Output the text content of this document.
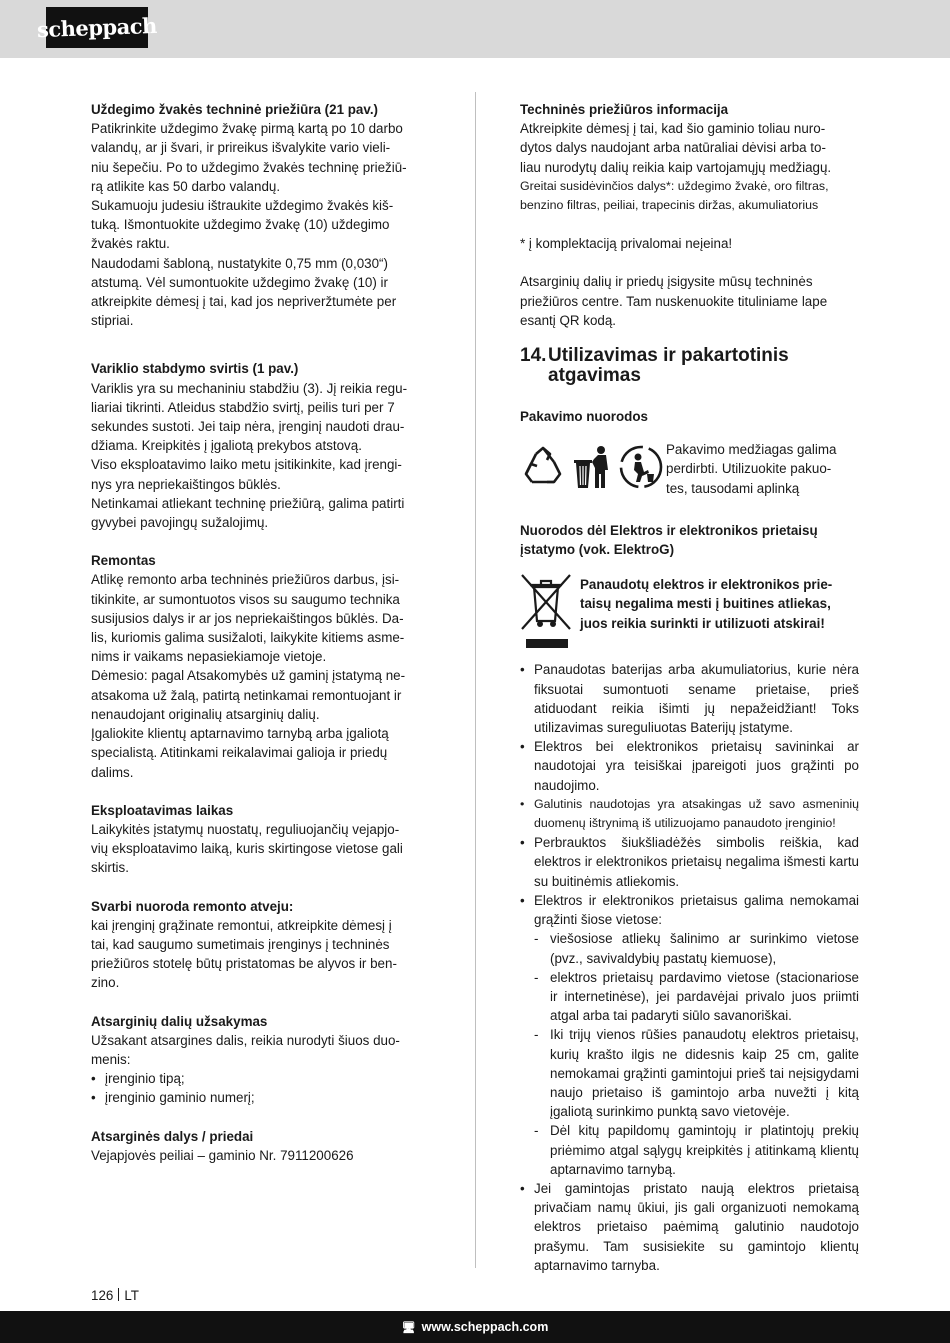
scheppach

Uždegimo žvakės techninė priežiūra (21 pav.)

Patikrinkite uždegimo žvakę pirmą kartą po 10 darbo

valandų, ar ji švari, ir prireikus išvalykite vario vieli-

niu šepečiu. Po to uždegimo žvakės techninę priežiū-

rą atlikite kas 50 darbo valandų.

Sukamuoju judesiu ištraukite uždegimo žvakės kiš-

tuką. Išmontuokite uždegimo žvakę (10) uždegimo

žvakės raktu.

Naudodami šabloną, nustatykite 0,75 mm (0,030“)

atstumą. Vėl sumontuokite uždegimo žvakę (10) ir

atkreipkite dėmesį į tai, kad jos nepriveržtumėte per

stipriai.

Variklio stabdymo svirtis (1 pav.)

Variklis yra su mechaniniu stabdžiu (3). Jį reikia regu-

liariai tikrinti. Atleidus stabdžio svirtį, peilis turi per 7

sekundes sustoti. Jei taip nėra, įrenginį naudoti drau-

džiama. Kreipkitės į įgaliotą prekybos atstovą.

Viso eksploatavimo laiko metu įsitikinkite, kad įrengi-

nys yra nepriekaištingos būklės.

Netinkamai atliekant techninę priežiūrą, galima patirti

gyvybei pavojingų sužalojimų.

Remontas

Atlikę remonto arba techninės priežiūros darbus, įsi-

tikinkite, ar sumontuotos visos su saugumo technika

susijusios dalys ir ar jos nepriekaištingos būklės. Da-

lis, kuriomis galima susižaloti, laikykite kitiems asme-

nims ir vaikams nepasiekiamoje vietoje.

Dėmesio: pagal Atsakomybės už gaminį įstatymą ne-

atsakoma už žalą, patirtą netinkamai remontuojant ir

nenaudojant originalių atsarginių dalių.

Įgaliokite klientų aptarnavimo tarnybą arba įgaliotą

specialistą. Atitinkami reikalavimai galioja ir priedų

dalims.

Eksploatavimas laikas

Laikykitės įstatymų nuostatų, reguliuojančių vejapjo-

vių eksploatavimo laiką, kuris skirtingose vietose gali

skirtis.

Svarbi nuoroda remonto atveju:

kai įrenginį grąžinate remontui, atkreipkite dėmesį į

tai, kad saugumo sumetimais įrenginys į techninės

priežiūros stotelę būtų pristatomas be alyvos ir ben-

zino.

Atsarginių dalių užsakymas

Užsakant atsargines dalis, reikia nurodyti šiuos duo-

menis:

• įrenginio tipą;
• įrenginio gaminio numerį;

Atsarginės dalys / priedai

Vejapjovės peiliai – gaminio Nr. 7911200626

Techninės priežiūros informacija

Atkreipkite dėmesį į tai, kad šio gaminio toliau nuro-

dytos dalys naudojant arba natūraliai dėvisi arba to-

liau nurodytų dalių reikia kaip vartojamųjų medžiagų.

Greitai susidėvinčios dalys*: uždegimo žvakė, oro filtras,

benzino filtras, peiliai, trapecinis diržas, akumuliatorius

* į komplektaciją privalomai neįeina!

Atsarginių dalių ir priedų įsigysite mūsų techninės

priežiūros centre. Tam nuskenuokite tituliniame lape

esantį QR kodą.

14. Utilizavimas ir pakartotinis
atgavimas

Pakavimo nuorodos

Pakavimo medžiagas galima

perdirbti. Utilizuokite pakuo-

tes, tausodami aplinką

Nuorodos dėl Elektros ir elektronikos prietaisų

įstatymo (vok. ElektroG)

Panaudotų elektros ir elektronikos prie-

taisų negalima mesti į buitines atliekas,

juos reikia surinkti ir utilizuoti atskirai!

• Panaudotas baterijas arba akumuliatorius, kurie nėra fiksuotai sumontuoti sename prietaise, prieš atiduodant reikia išimti jų nepažeidžiant! Toks utilizavimas sureguliuotas Baterijų įstatyme.
• Elektros bei elektronikos prietaisų savininkai ar naudotojai yra teisiškai įpareigoti juos grąžinti po naudojimo.
• Galutinis naudotojas yra atsakingas už savo asmeninių duomenų ištrynimą iš utilizuojamo panaudoto įrenginio!
• Perbrauktos šiukšliadėžės simbolis reiškia, kad elektros ir elektronikos prietaisų negalima išmesti kartu su buitinėmis atliekomis.
• Elektros ir elektronikos prietaisus galima nemokamai grąžinti šiose vietose:
- viešosiose atliekų šalinimo ar surinkimo vietose (pvz., savivaldybių pastatų kiemuose),
- elektros prietaisų pardavimo vietose (stacionariose ir internetinėse), jei pardavėjai privalo juos priimti atgal arba tai padaryti siūlo savanoriškai.
- Iki trijų vienos rūšies panaudotų elektros prietaisų, kurių krašto ilgis ne didesnis kaip 25 cm, galite nemokamai grąžinti gamintojui prieš tai neįsigydami naujo prietaiso iš gamintojo arba nuvežti į kitą įgaliotą surinkimo punktą savo vietovėje.
- Dėl kitų papildomų gamintojų ir platintojų prekių priėmimo atgal sąlygų kreipkitės į atitinkamą klientų aptarnavimo tarnybą.
• Jei gamintojas pristato naują elektros prietaisą privačiam namų ūkiui, jis gali organizuoti nemokamą elektros prietaiso paėmimą galutinio naudotojo prašymu. Tam susisiekite su gamintojo klientų aptarnavimo tarnyba.
126 LT
🖥 www.scheppach.com
